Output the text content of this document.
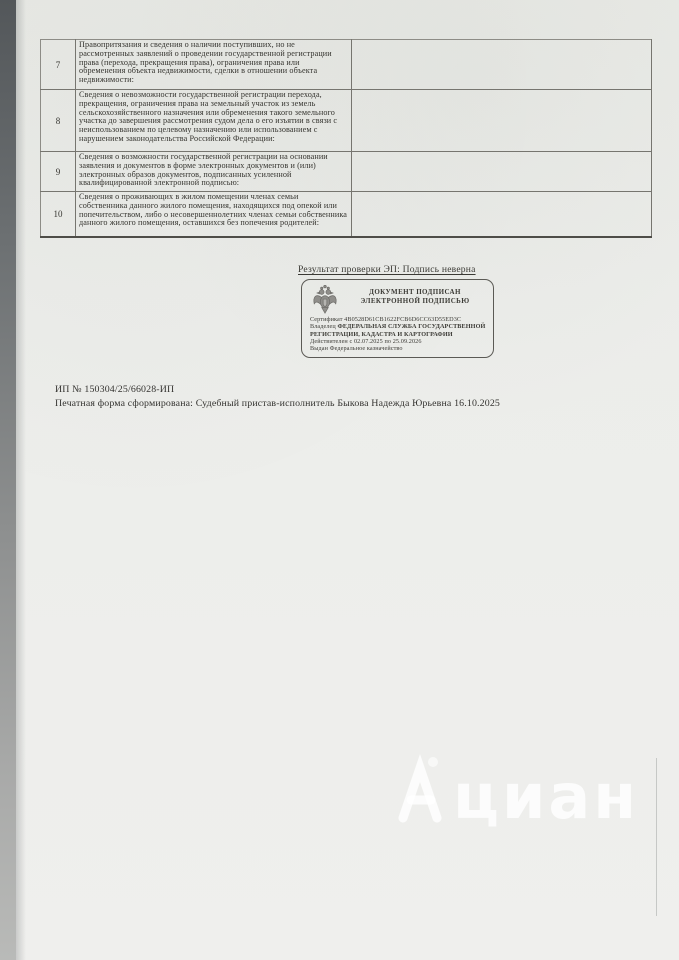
7	Правопритязания и сведения о наличии поступивших, но не рассмотренных заявлений о проведении государственной регистрации права (перехода, прекращения права), ограничения права или обременения объекта недвижимости, сделки в отношении объекта недвижимости:	
8	Сведения о невозможности государственной регистрации перехода, прекращения, ограничения права на земельный участок из земель сельскохозяйственного назначения или обременения такого земельного участка до завершения рассмотрения судом дела о его изъятии в связи с неиспользованием по целевому назначению или использованием с нарушением законодательства Российской Федерации:	
9	Сведения о возможности государственной регистрации на основании заявления и документов в форме электронных документов и (или) электронных образов документов, подписанных усиленной квалифицированной электронной подписью:	
10	Сведения о проживающих в жилом помещении членах семьи собственника данного жилого помещения, находящихся под опекой или попечительством, либо о несовершеннолетних членах семьи собственника данного жилого помещения, оставшихся без попечения родителей:	
Результат проверки ЭП: Подпись неверна
ДОКУМЕНТ ПОДПИСАН
ЭЛЕКТРОННОЙ ПОДПИСЬЮ
Сертификат 4B0528D61CB1622FCB6D6CC63D55ED3C
Владелец ФЕДЕРАЛЬНАЯ СЛУЖБА ГОСУДАРСТВЕННОЙ РЕГИСТРАЦИИ, КАДАСТРА И КАРТОГРАФИИ
Действителен с 02.07.2025 по 25.09.2026
Выдан Федеральное казначейство
ИП № 150304/25/66028-ИП
Печатная форма сформирована: Судебный пристав-исполнитель Быкова Надежда Юрьевна 16.10.2025
циан
